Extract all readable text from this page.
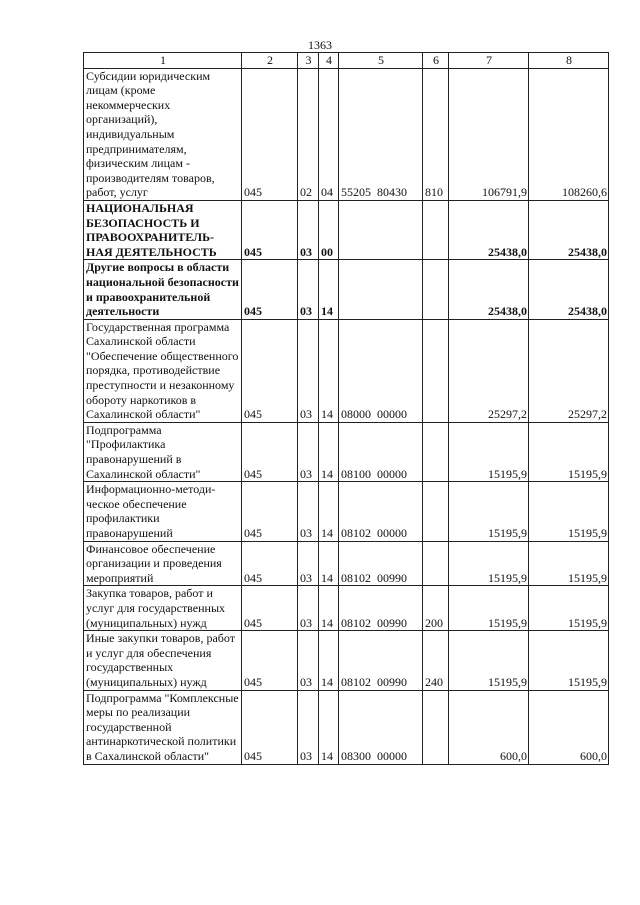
1363
1	2	3	4	5	6	7	8
Субсидии юридическим лицам (кроме некоммерческих организаций), индивидуальным предпринимателям, физическим лицам - производителям товаров, работ, услуг	045	02	04	55205  80430	810	106791,9	108260,6
НАЦИОНАЛЬНАЯ БЕЗОПАСНОСТЬ И ПРАВООХРАНИТЕЛЬ-НАЯ ДЕЯТЕЛЬНОСТЬ	045	03	00			25438,0	25438,0
Другие вопросы в области национальной безопасности и правоохранительной деятельности	045	03	14			25438,0	25438,0
Государственная программа Сахалинской области "Обеспечение общественного порядка, противодействие преступности и незаконному обороту наркотиков в Сахалинской области"	045	03	14	08000  00000		25297,2	25297,2
Подпрограмма "Профилактика правонарушений в Сахалинской области"	045	03	14	08100  00000		15195,9	15195,9
Информационно-методи-ческое обеспечение профилактики правонарушений	045	03	14	08102  00000		15195,9	15195,9
Финансовое обеспечение организации и проведения мероприятий	045	03	14	08102  00990		15195,9	15195,9
Закупка товаров, работ и услуг для государственных (муниципальных) нужд	045	03	14	08102  00990	200	15195,9	15195,9
Иные закупки товаров, работ и услуг для обеспечения государственных (муниципальных) нужд	045	03	14	08102  00990	240	15195,9	15195,9
Подпрограмма "Комплексные меры по реализации государственной антинаркотической политики в Сахалинской области"	045	03	14	08300  00000		600,0	600,0
